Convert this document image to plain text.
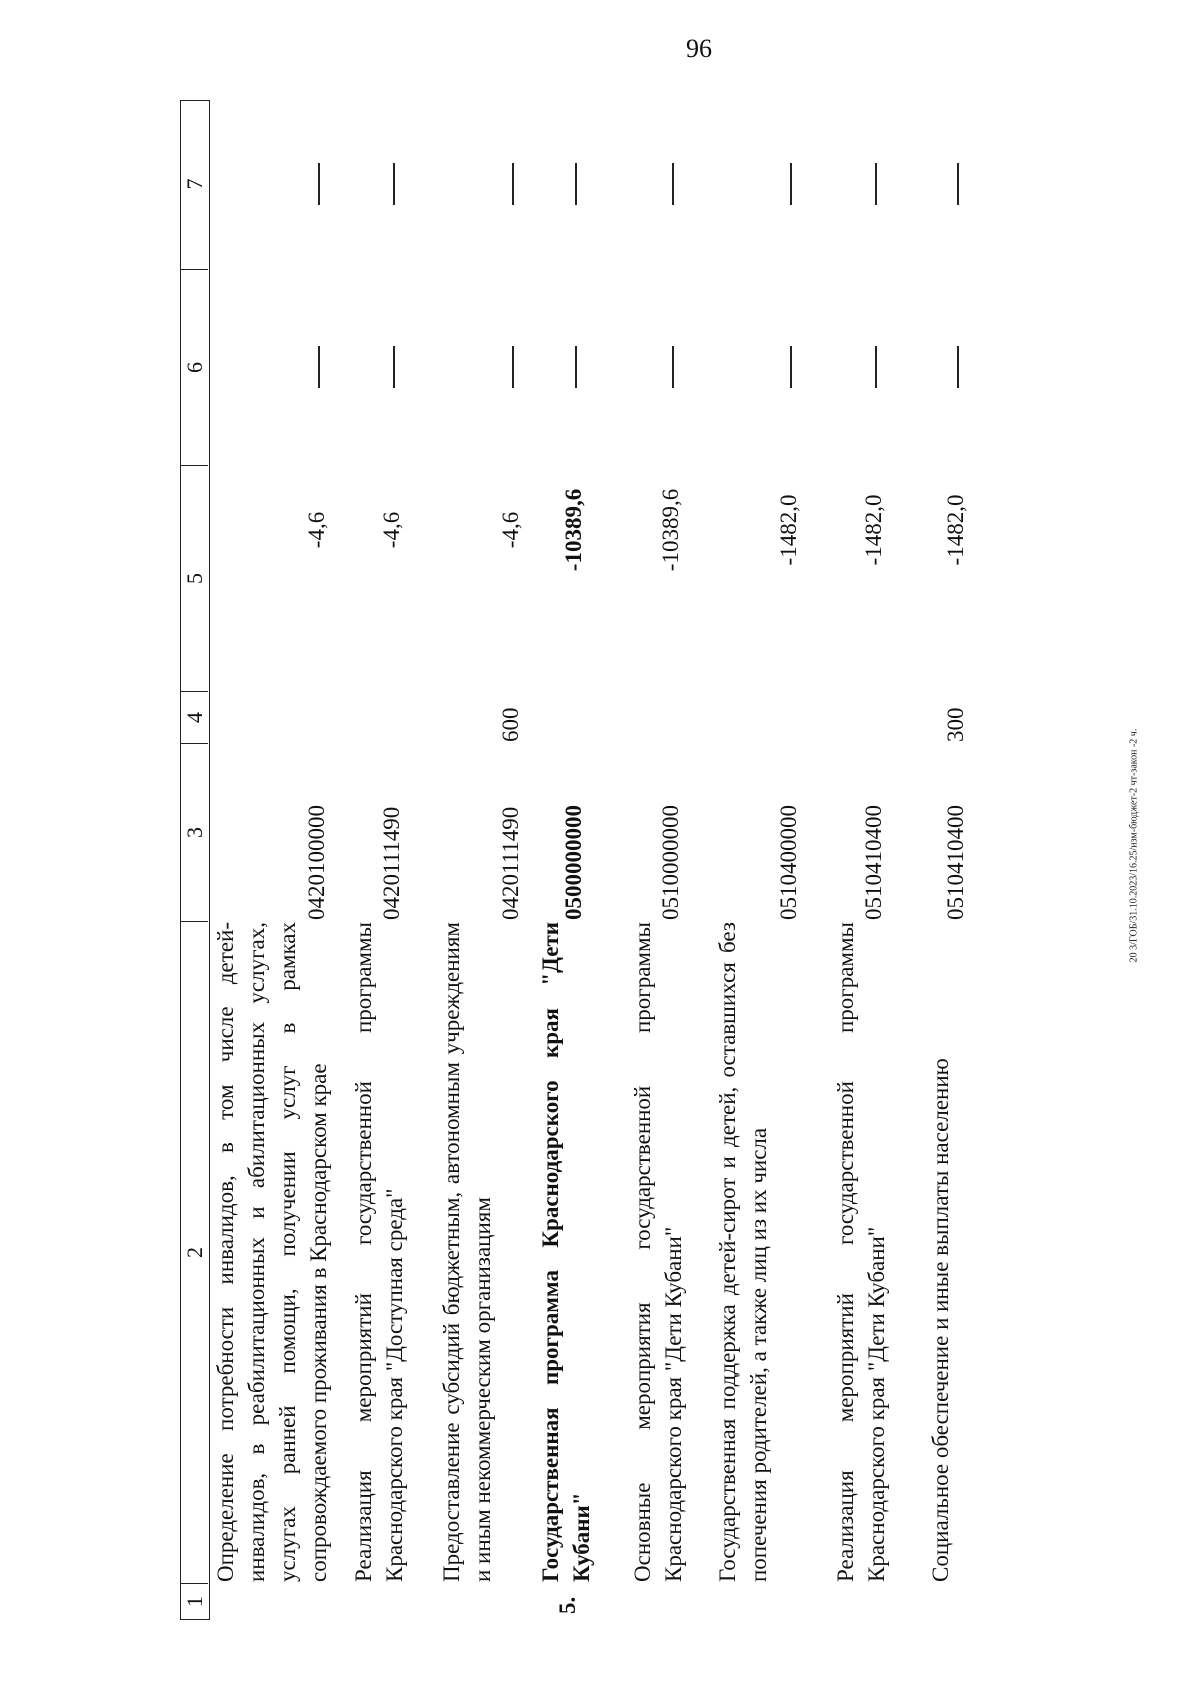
96
20 3/ГОБ/31.10.2023/16.25/изм-бюджет-2 чт-закон -2 ч.
1
2
3
4
5
6
7
Определение потребности инвалидов, в том числе детей-инвалидов, в реабилитационных и абилитационных услугах, услугах ранней помощи, получении услуг в рамках сопровождаемого проживания в Краснодарском крае
0420100000
-4,6
Реализация мероприятий государственной программы Краснодарского края "Доступная среда"
0420111490
-4,6
Предоставление субсидий бюджетным, автономным учреждениям и иным некоммерческим организациям
0420111490
600
-4,6
5.
Государственная программа Краснодарского края "Дети Кубани"
0500000000
-10389,6
Основные мероприятия государственной программы Краснодарского края "Дети Кубани"
0510000000
-10389,6
Государственная поддержка детей-сирот и детей, оставшихся без попечения родителей, а также лиц из их числа
0510400000
-1482,0
Реализация мероприятий государственной программы Краснодарского края "Дети Кубани"
0510410400
-1482,0
Социальное обеспечение и иные выплаты населению
0510410400
300
-1482,0
